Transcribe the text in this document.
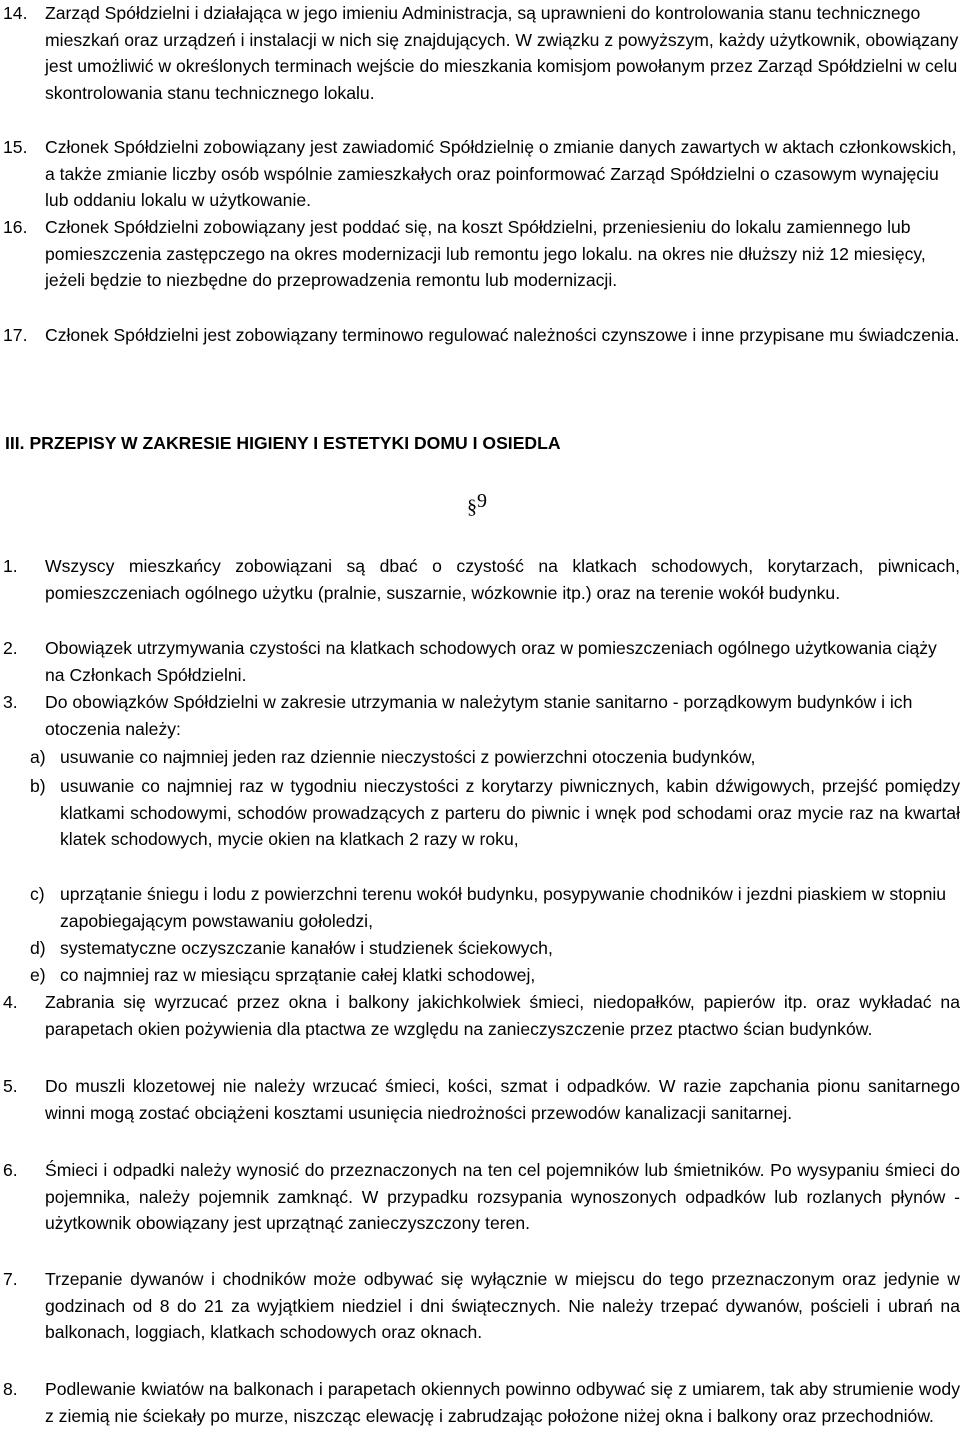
14. Zarząd Spółdzielni i działająca w jego imieniu Administracja, są uprawnieni do kontrolowania stanu technicznego mieszkań oraz urządzeń i instalacji w nich się znajdujących. W związku z powyższym, każdy użytkownik, obowiązany jest umożliwić w określonych terminach wejście do mieszkania komisjom powołanym przez Zarząd Spółdzielni w celu skontrolowania stanu technicznego lokalu.
15. Członek Spółdzielni zobowiązany jest zawiadomić Spółdzielnię o zmianie danych zawartych w aktach członkowskich, a także zmianie liczby osób wspólnie zamieszkałych oraz poinformować Zarząd Spółdzielni o czasowym wynajęciu lub oddaniu lokalu w użytkowanie.
16. Członek Spółdzielni zobowiązany jest poddać się, na koszt Spółdzielni, przeniesieniu do lokalu zamiennego lub pomieszczenia zastępczego na okres modernizacji lub remontu jego lokalu. na okres nie dłuższy niż 12 miesięcy, jeżeli będzie to niezbędne do przeprowadzenia remontu lub modernizacji.
17. Członek Spółdzielni jest zobowiązany terminowo regulować należności czynszowe i inne przypisane mu świadczenia.
III. PRZEPISY W ZAKRESIE HIGIENY I ESTETYKI DOMU I OSIEDLA
§9
1. Wszyscy mieszkańcy zobowiązani są dbać o czystość na klatkach schodowych, korytarzach, piwnicach, pomieszczeniach ogólnego użytku (pralnie, suszarnie, wózkownie itp.) oraz na terenie wokół budynku.
2. Obowiązek utrzymywania czystości na klatkach schodowych oraz w pomieszczeniach ogólnego użytkowania ciąży na Członkach Spółdzielni.
3. Do obowiązków Spółdzielni w zakresie utrzymania w należytym stanie sanitarno - porządkowym budynków i ich otoczenia należy:
a) usuwanie co najmniej jeden raz dziennie nieczystości z powierzchni otoczenia budynków,
b) usuwanie co najmniej raz w tygodniu nieczystości z korytarzy piwnicznych, kabin dźwigowych, przejść pomiędzy klatkami schodowymi, schodów prowadzących z parteru do piwnic i wnęk pod schodami oraz mycie raz na kwartał klatek schodowych, mycie okien na klatkach 2 razy w roku,
c) uprzątanie śniegu i lodu z powierzchni terenu wokół budynku, posypywanie chodników i jezdni piaskiem w stopniu zapobiegającym powstawaniu gołoledzi,
d) systematyczne oczyszczanie kanałów i studzienek ściekowych,
e) co najmniej raz w miesiącu sprzątanie całej klatki schodowej,
4. Zabrania się wyrzucać przez okna i balkony jakichkolwiek śmieci, niedopałków, papierów itp. oraz wykładać na parapetach okien pożywienia dla ptactwa ze względu na zanieczyszczenie przez ptactwo ścian budynków.
5. Do muszli klozetowej nie należy wrzucać śmieci, kości, szmat i odpadków. W razie zapchania pionu sanitarnego winni mogą zostać obciążeni kosztami usunięcia niedrożności przewodów kanalizacji sanitarnej.
6. Śmieci i odpadki należy wynosić do przeznaczonych na ten cel pojemników lub śmietników. Po wysypaniu śmieci do pojemnika, należy pojemnik zamknąć. W przypadku rozsypania wynoszonych odpadków lub rozlanych płynów - użytkownik obowiązany jest uprzątnąć zanieczyszczony teren.
7. Trzepanie dywanów i chodników może odbywać się wyłącznie w miejscu do tego przeznaczonym oraz jedynie w godzinach od 8 do 21 za wyjątkiem niedziel i dni świątecznych. Nie należy trzepać dywanów, pościeli i ubrań na balkonach, loggiach, klatkach schodowych oraz oknach.
8. Podlewanie kwiatów na balkonach i parapetach okiennych powinno odbywać się z umiarem, tak aby strumienie wody z ziemią nie ściekały po murze, niszcząc elewację i zabrudzając położone niżej okna i balkony oraz przechodniów.
